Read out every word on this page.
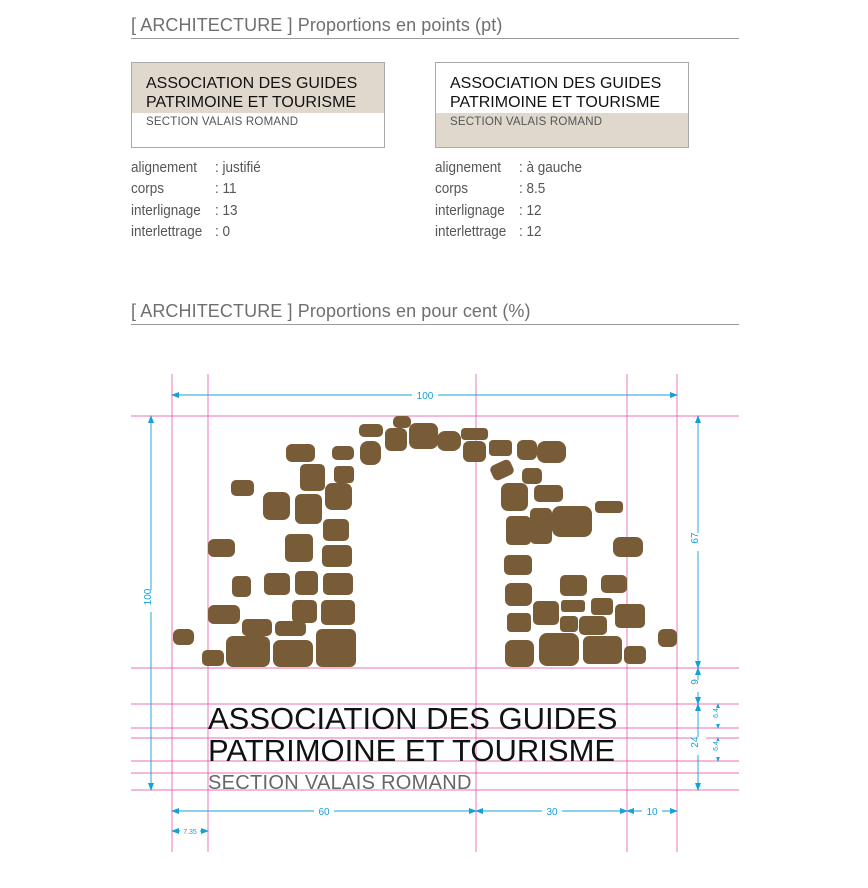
[ ARCHITECTURE ] Proportions en points (pt)
ASSOCIATION DES GUIDES
PATRIMOINE ET TOURISME
SECTION VALAIS ROMAND
ASSOCIATION DES GUIDES
PATRIMOINE ET TOURISME
SECTION VALAIS ROMAND
alignement	: justifié
corps	: 11
interlignage : 13
interlettrage : 0
alignement	: à gauche
corps	: 8.5
interlignage : 12
interlettrage : 12
[ ARCHITECTURE ] Proportions en pour cent (%)
ASSOCIATION DES GUIDES
PATRIMOINE ET TOURISME
SECTION VALAIS ROMAND
100
100
67
9
24
6.4
6.4
60	30	10
7.35
